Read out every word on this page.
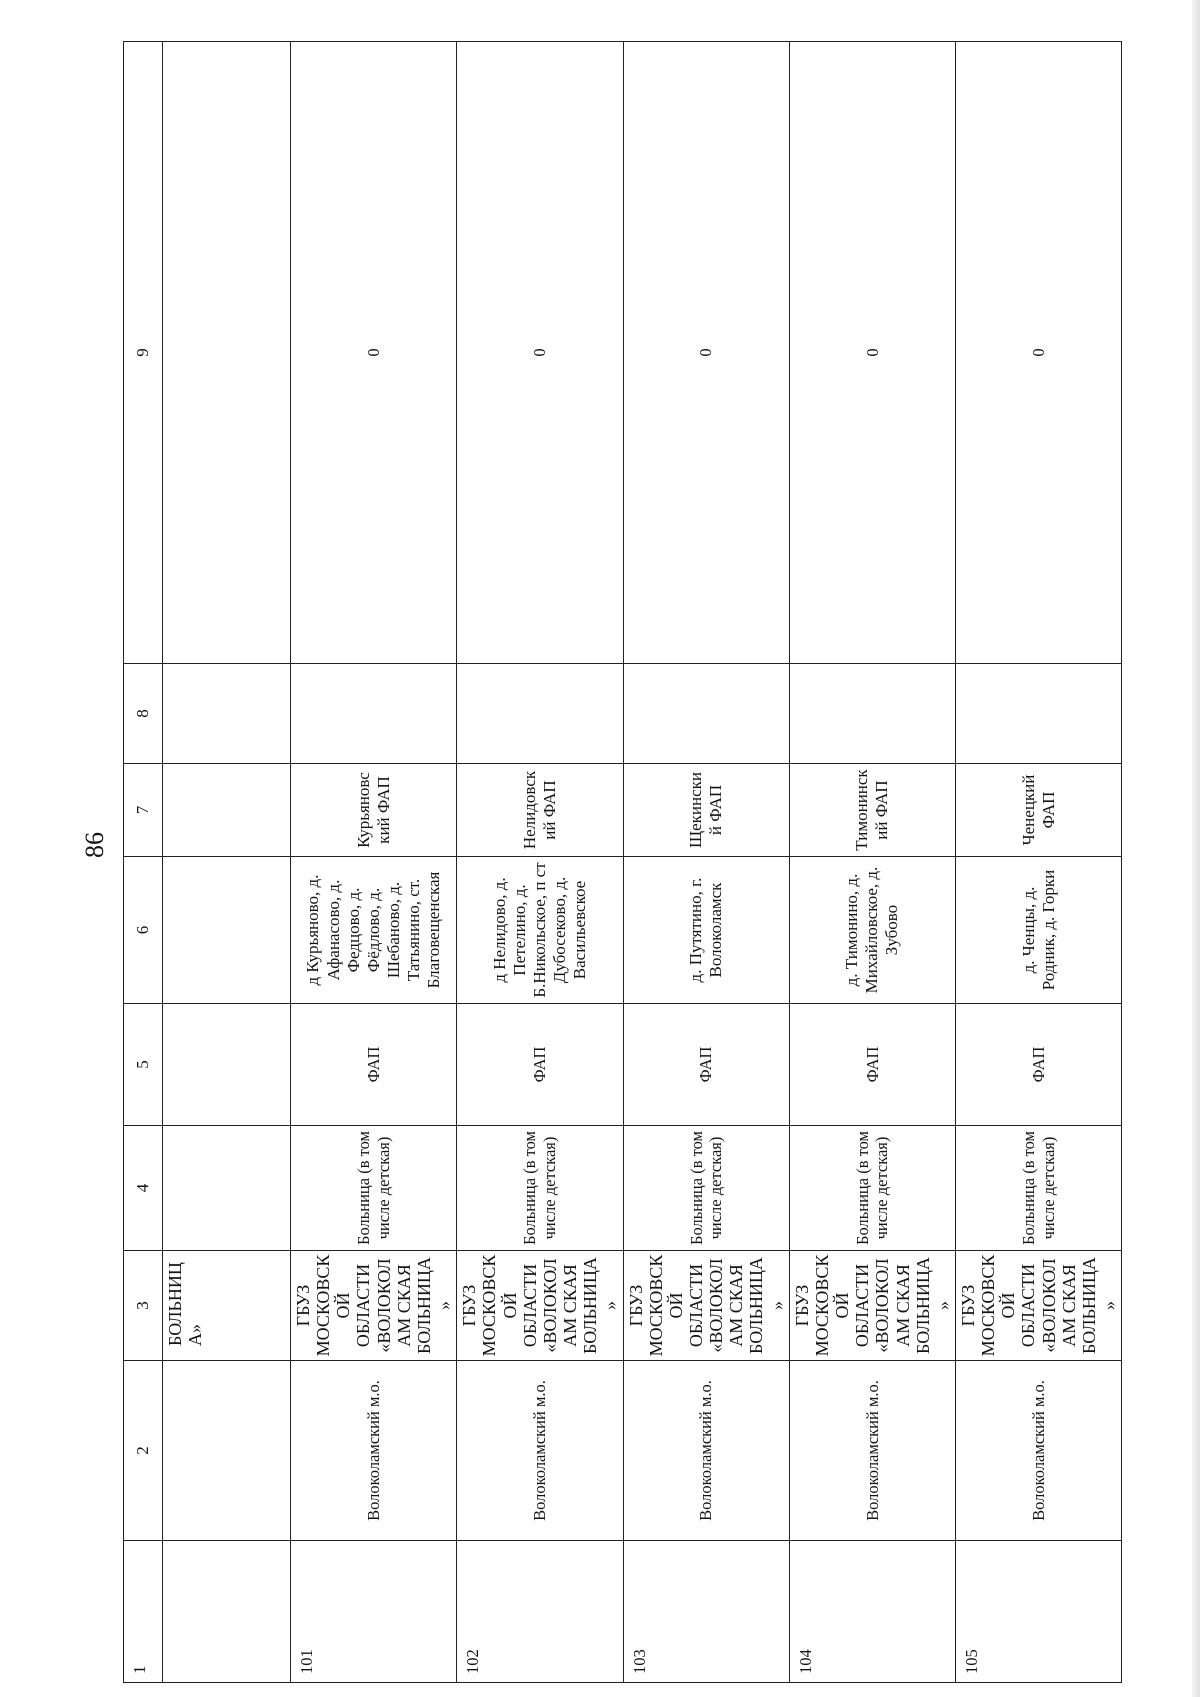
86
1	2	3	4	5	6	7	8	9
		БОЛЬНИЦА»						
101	Волоколамский м.о.	ГБУЗ МОСКОВСКОЙ ОБЛАСТИ «ВОЛОКОЛАМ СКАЯ БОЛЬНИЦА»	Больница (в том числе детская)	ФАП	д Курьяново, д. Афанасово, д. Федцово, д. Фёдлово, д. Шебаново, д. Татьянино, ст. Благовещенская	Курьяновский ФАП		0
102	Волоколамский м.о.	ГБУЗ МОСКОВСКОЙ ОБЛАСТИ «ВОЛОКОЛАМ СКАЯ БОЛЬНИЦА»	Больница (в том числе детская)	ФАП	д Нелидово, д. Петелино, д. Б.Никольское, п ст Дубосеково, д. Васильевское	Нелидовский ФАП		0
103	Волоколамский м.о.	ГБУЗ МОСКОВСКОЙ ОБЛАСТИ «ВОЛОКОЛАМ СКАЯ БОЛЬНИЦА»	Больница (в том числе детская)	ФАП	д. Путятино, г. Волоколамск	Щекинский ФАП		0
104	Волоколамский м.о.	ГБУЗ МОСКОВСКОЙ ОБЛАСТИ «ВОЛОКОЛАМ СКАЯ БОЛЬНИЦА»	Больница (в том числе детская)	ФАП	д. Тимонино, д. Михайловское, д. Зубово	Тимонинский ФАП		0
105	Волоколамский м.о.	ГБУЗ МОСКОВСКОЙ ОБЛАСТИ «ВОЛОКОЛАМ СКАЯ БОЛЬНИЦА»	Больница (в том числе детская)	ФАП	д. Ченцы, д. Родник, д. Горки	Ченецкий ФАП		0
